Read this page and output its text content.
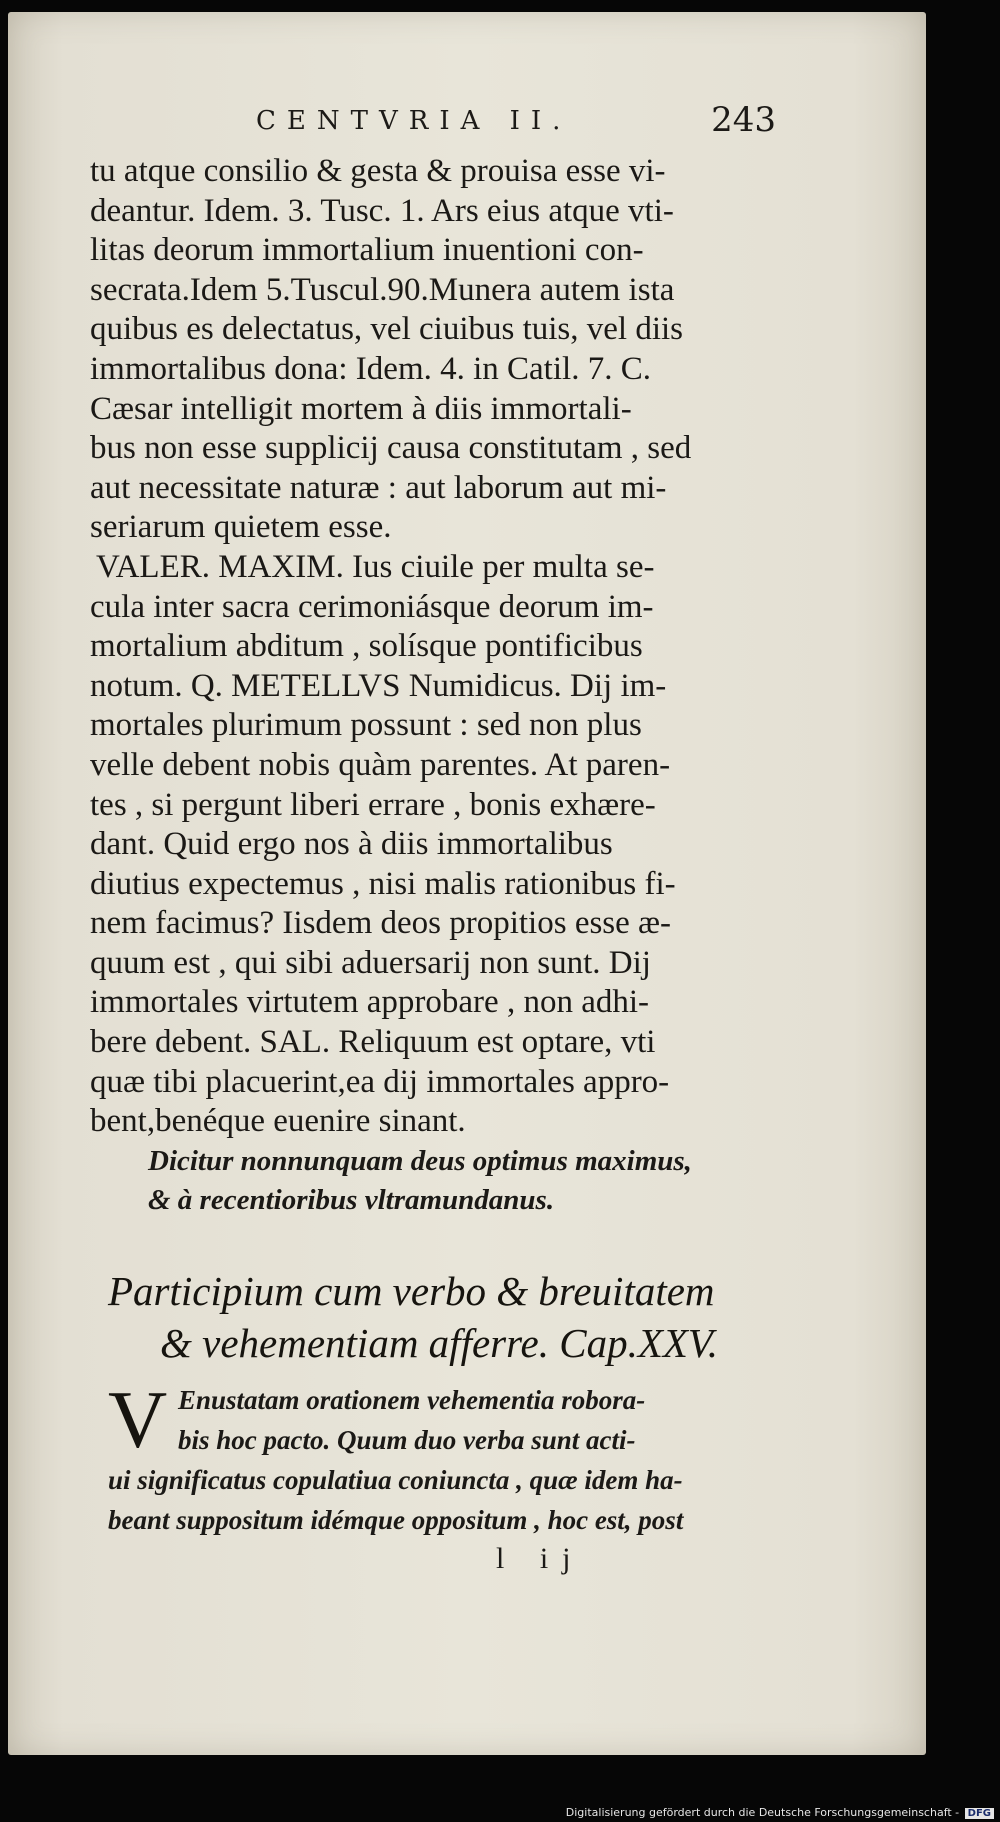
CENTVRIA II.	243
tu atque consilio & gesta & prouisa esse vi-
deantur. Idem. 3. Tusc. 1. Ars eius atque vti-
litas deorum immortalium inuentioni con-
secrata.Idem 5.Tuscul.90.Munera autem ista
quibus es delectatus, vel ciuibus tuis, vel diis
immortalibus dona: Idem. 4. in Catil. 7. C.
Cæsar intelligit mortem à diis immortali-
bus non esse supplicij causa constitutam , sed
aut necessitate naturæ : aut laborum aut mi-
seriarum quietem esse.
VALER. MAXIM. Ius ciuile per multa se-
cula inter sacra cerimoniásque deorum im-
mortalium abditum , solísque pontificibus
notum. Q. METELLVS Numidicus. Dij im-
mortales plurimum possunt : sed non plus
velle debent nobis quàm parentes. At paren-
tes , si pergunt liberi errare , bonis exhære-
dant. Quid ergo nos à diis immortalibus
diutius expectemus , nisi malis rationibus fi-
nem facimus? Iisdem deos propitios esse æ-
quum est , qui sibi aduersarij non sunt. Dij
immortales virtutem approbare , non adhi-
bere debent. SAL. Reliquum est optare, vti
quæ tibi placuerint,ea dij immortales appro-
bent,benéque euenire sinant.
Dicitur nonnunquam deus optimus maximus,
& à recentioribus vltramundanus.
Participium cum verbo & breuitatem
& vehementiam afferre. Cap.XXV.
V Enustatam orationem vehementia robora-
bis hoc pacto. Quum duo verba sunt acti-
ui significatus copulatiua coniuncta , quæ idem ha-
beant suppositum idémque oppositum , hoc est, post
l ij
Digitalisierung gefördert durch die Deutsche Forschungsgemeinschaft - DFG
